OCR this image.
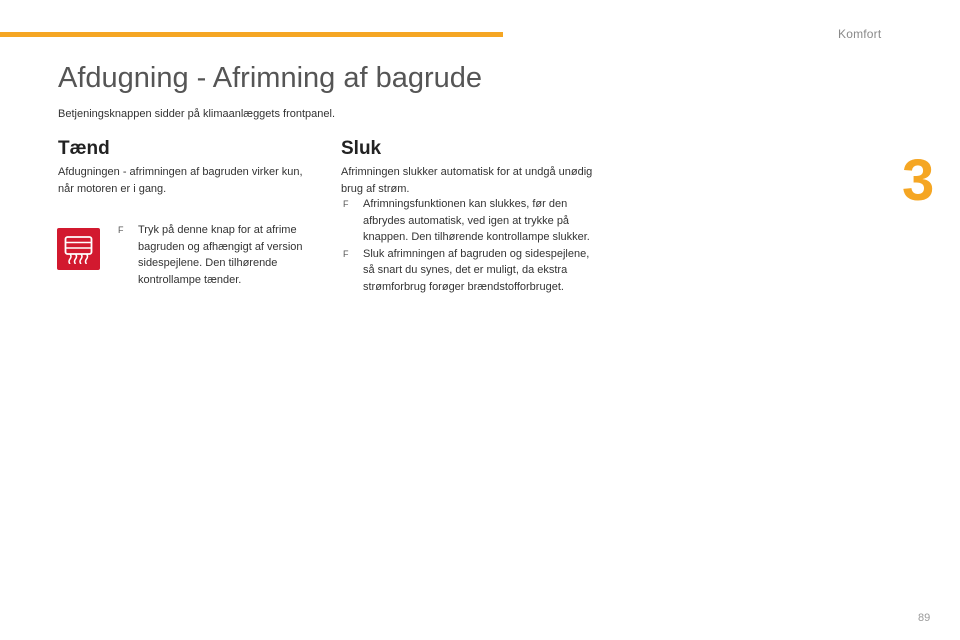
Komfort
3
Afdugning - Afrimning af bagrude

Betjeningsknappen sidder på klimaanlæggets frontpanel.

Tænd

Afdugningen - afrimningen af bagruden virker kun, når motoren er i gang.

F Tryk på denne knap for at afrime bagruden og afhængigt af version sidespejlene. Den tilhørende kontrollampe tænder.
Sluk

Afrimningen slukker automatisk for at undgå unødig brug af strøm.

F Afrimningsfunktionen kan slukkes, før den afbrydes automatisk, ved igen at trykke på knappen. Den tilhørende kontrollampe slukker.
F Sluk afrimningen af bagruden og sidespejlene, så snart du synes, det er muligt, da ekstra strømforbrug forøger brændstofforbruget.
89
